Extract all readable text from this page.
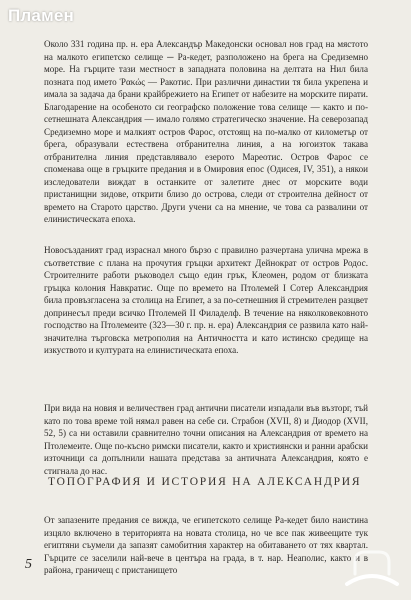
Пламен
Около 331 година пр. н. ера Александър Македонски основал нов град на мястото на малкото египетско селище ─ Ра-кедет, разположено на брега на Средиземно море. На гърците тази местност в западната половина на делтата на Нил била позната под името Ῥακώς — Ракотис. При различни династии тя била укрепена и имала за задача да брани крайбрежието на Египет от набезите на морските пирати. Благодарение на особеното си географско положение това селище — както и по-сетнешната Александрия — имало голямо стратегическо значение. На северозапад Средиземно море и малкият остров Фарос, отстоящ на по-малко от километър от брега, образували естествена отбранителна линия, а на югоизток такава отбранителна линия представлявало езерото Мареотис. Остров Фарос се споменава още в гръцките предания и в Омировия епос (Одисея, IV, 351), а някои изследователи виждат в останките от залетите днес от морските води пристанищни зидове, открити близо до острова, следи от строителна дейност от времето на Старото царство. Други учени са на мнение, че това са развалини от елинистическата епоха.
Новосъзданият град израснал много бързо с правилно разчертана улична мрежа в съответствие с плана на прочутия гръцки архитект Дейнократ от остров Родос. Строителните работи ръководел също един грък, Клеомен, родом от близката гръцка колония Навкратис. Още по времето на Птолемей I Сотер Александрия била провъзгласена за столица на Египет, а за по-сетнешния й стремителен разцвет допринесъл преди всичко Птолемей II Филаделф. В течение на няколковековното господство на Птолемеите (323—30 г. пр. н. ера) Александрия се развила като най-значителна търговска метрополия на Античността и като истинско средище на изкуството и културата на елинистическата епоха.
При вида на новия и величествен град антични писатели изпадали във възторг, тъй като по това време той нямал равен на себе си. Страбон (XVII, 8) и Диодор (XVII, 52, 5) са ни оставили сравнително точни описания на Александрия от времето на Птолемеите. Още по-късно римски писатели, както и християнски и ранни арабски източници са допълнили нашата представа за античната Александрия, която е стигнала до нас.
ТОПОГРАФИЯ И ИСТОРИЯ НА АЛЕКСАНДРИЯ
От запазените предания се вижда, че египетското селище Ра-кедет било наистина изцяло включено в територията на новата столица, но че все пак живеещите тук египтяни съумели да запазят самобитния характер на обитаването от тях квартал. Гърците се заселили най-вече в центъра на града, в т. нар. Неаполис, както и в района, граничещ с пристанището
5
